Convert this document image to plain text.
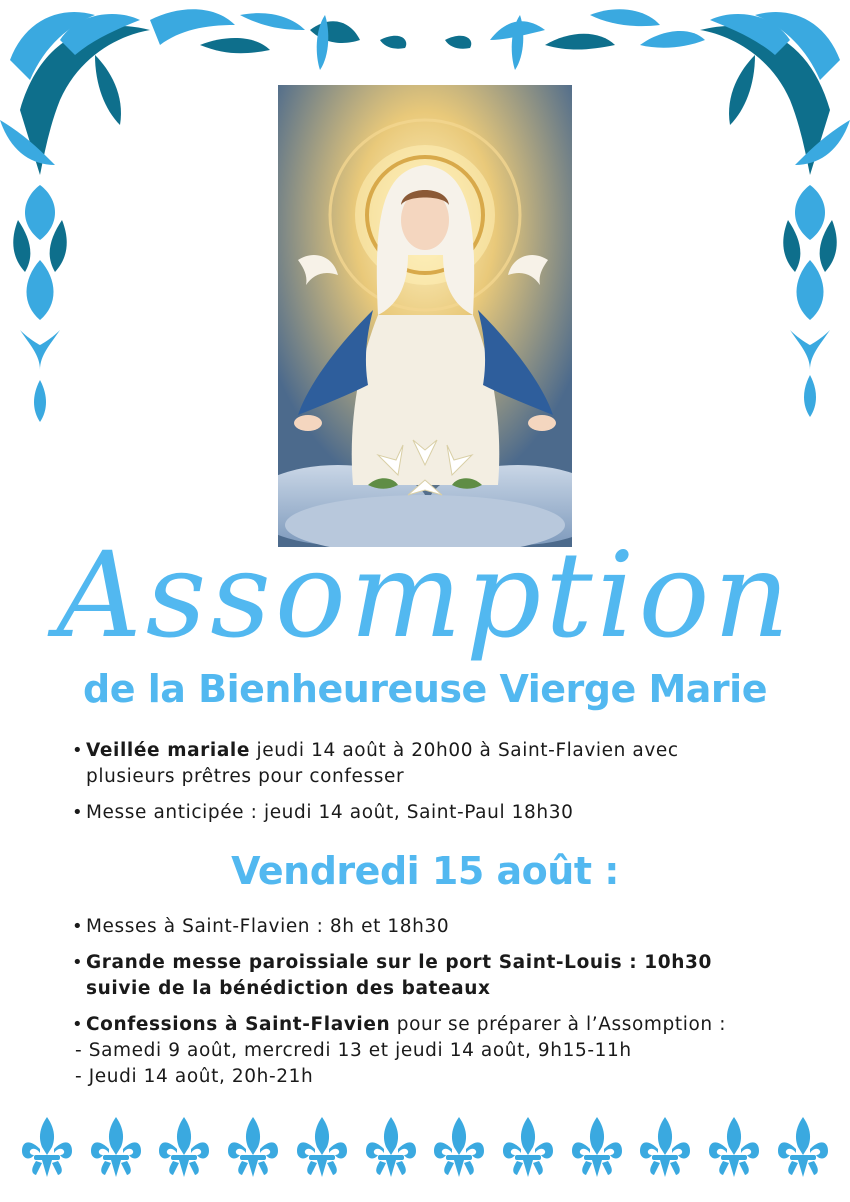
Assomption
de la Bienheureuse Vierge Marie
• Veillée mariale jeudi 14 août à 20h00 à Saint-Flavien avec
plusieurs prêtres pour confesser
• Messe anticipée : jeudi 14 août, Saint-Paul 18h30
Vendredi 15 août :
• Messes à Saint-Flavien : 8h et 18h30
• Grande messe paroissiale sur le port Saint-Louis : 10h30
suivie de la bénédiction des bateaux
• Confessions à Saint-Flavien pour se préparer à l’Assomption :
- Samedi 9 août, mercredi 13 et jeudi 14 août, 9h15-11h
- Jeudi 14 août, 20h-21h
